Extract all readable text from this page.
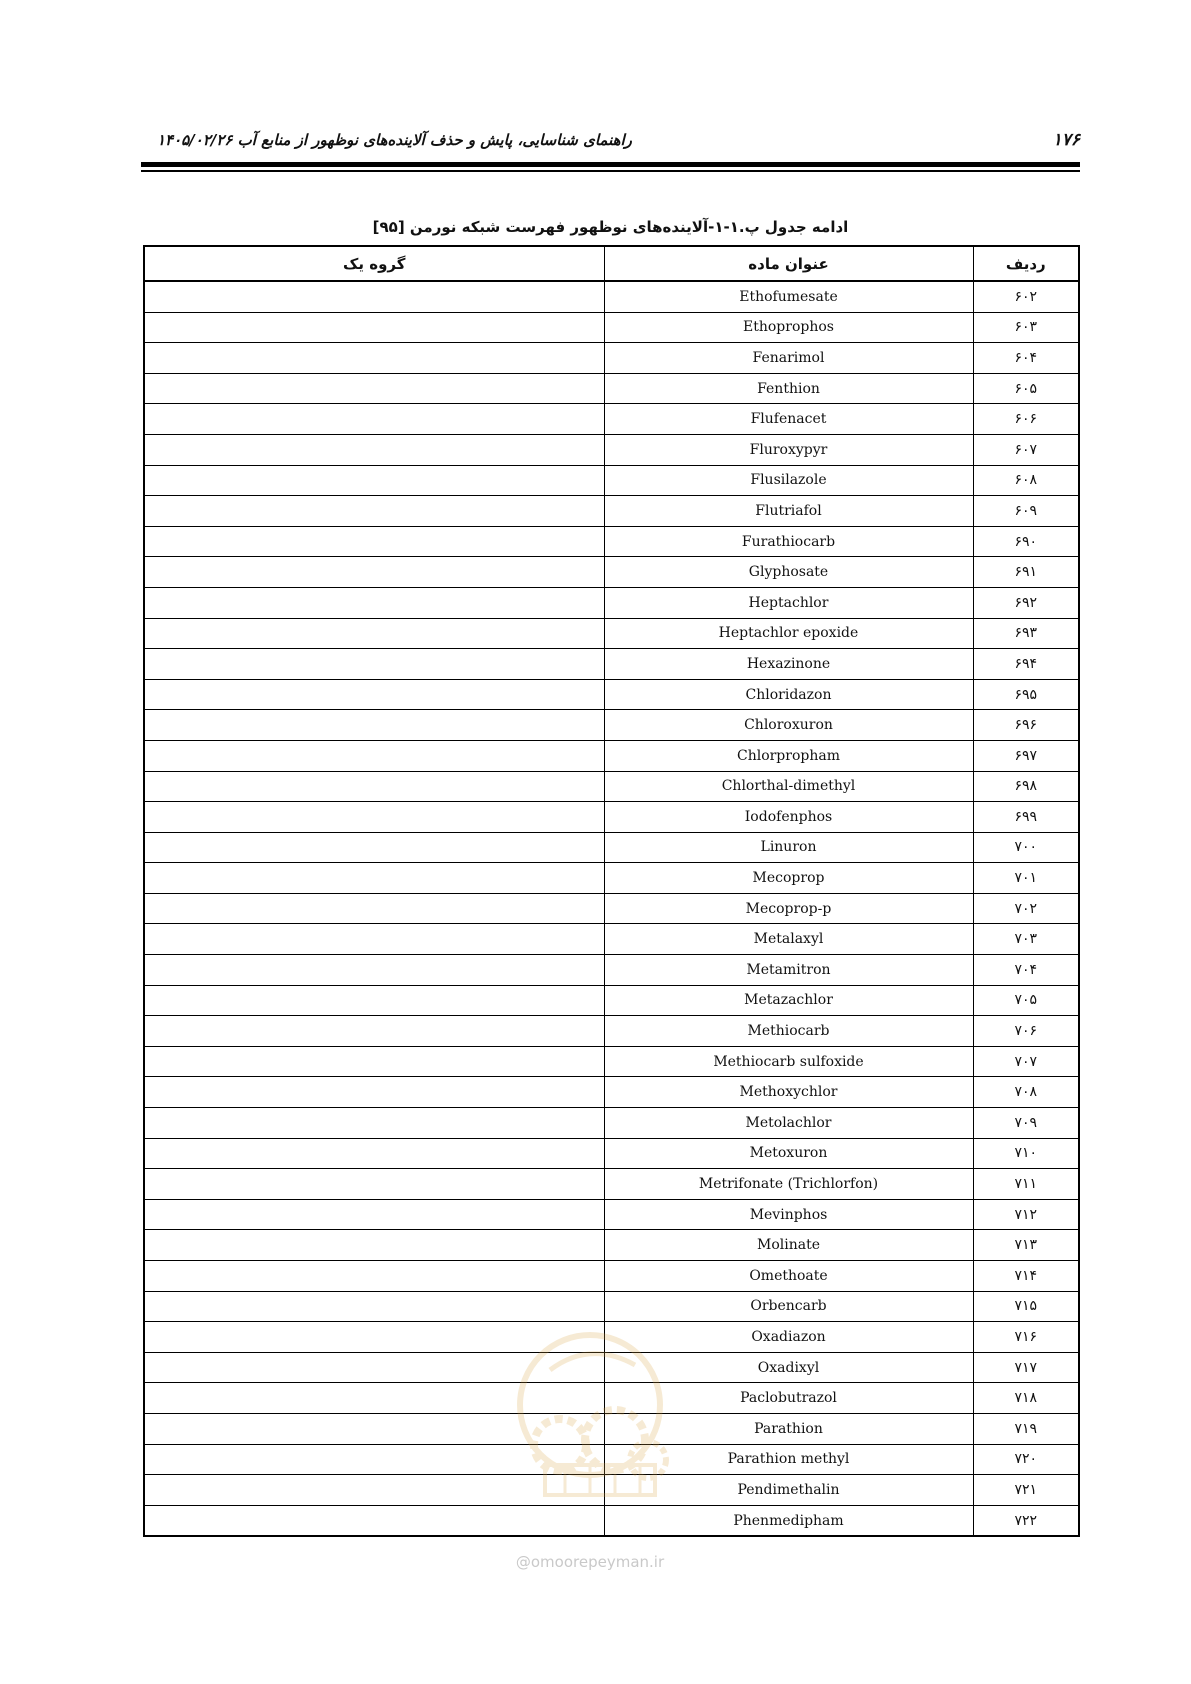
۱۷۶
راهنمای شناسایی، پایش و حذف آلاینده‌های نوظهور از منابع آب ۱۴۰۵/۰۲/۲۶
ادامه جدول پ.۱-۱-آلاینده‌های نوظهور فهرست شبکه نورمن [۹۵]
ردیف	عنوان ماده	گروه یک
۶۰۲	Ethofumesate	
۶۰۳	Ethoprophos	
۶۰۴	Fenarimol	
۶۰۵	Fenthion	
۶۰۶	Flufenacet	
۶۰۷	Fluroxypyr	
۶۰۸	Flusilazole	
۶۰۹	Flutriafol	
۶۹۰	Furathiocarb	
۶۹۱	Glyphosate	
۶۹۲	Heptachlor	
۶۹۳	Heptachlor epoxide	
۶۹۴	Hexazinone	
۶۹۵	Chloridazon	
۶۹۶	Chloroxuron	
۶۹۷	Chlorpropham	
۶۹۸	Chlorthal-dimethyl	
۶۹۹	Iodofenphos	
۷۰۰	Linuron	
۷۰۱	Mecoprop	
۷۰۲	Mecoprop-p	
۷۰۳	Metalaxyl	
۷۰۴	Metamitron	
۷۰۵	Metazachlor	
۷۰۶	Methiocarb	
۷۰۷	Methiocarb sulfoxide	
۷۰۸	Methoxychlor	
۷۰۹	Metolachlor	
۷۱۰	Metoxuron	
۷۱۱	Metrifonate (Trichlorfon)	
۷۱۲	Mevinphos	
۷۱۳	Molinate	
۷۱۴	Omethoate	
۷۱۵	Orbencarb	
۷۱۶	Oxadiazon	
۷۱۷	Oxadixyl	
۷۱۸	Paclobutrazol	
۷۱۹	Parathion	
۷۲۰	Parathion methyl	
۷۲۱	Pendimethalin	
۷۲۲	Phenmedipham	
@omoorepeyman.ir
